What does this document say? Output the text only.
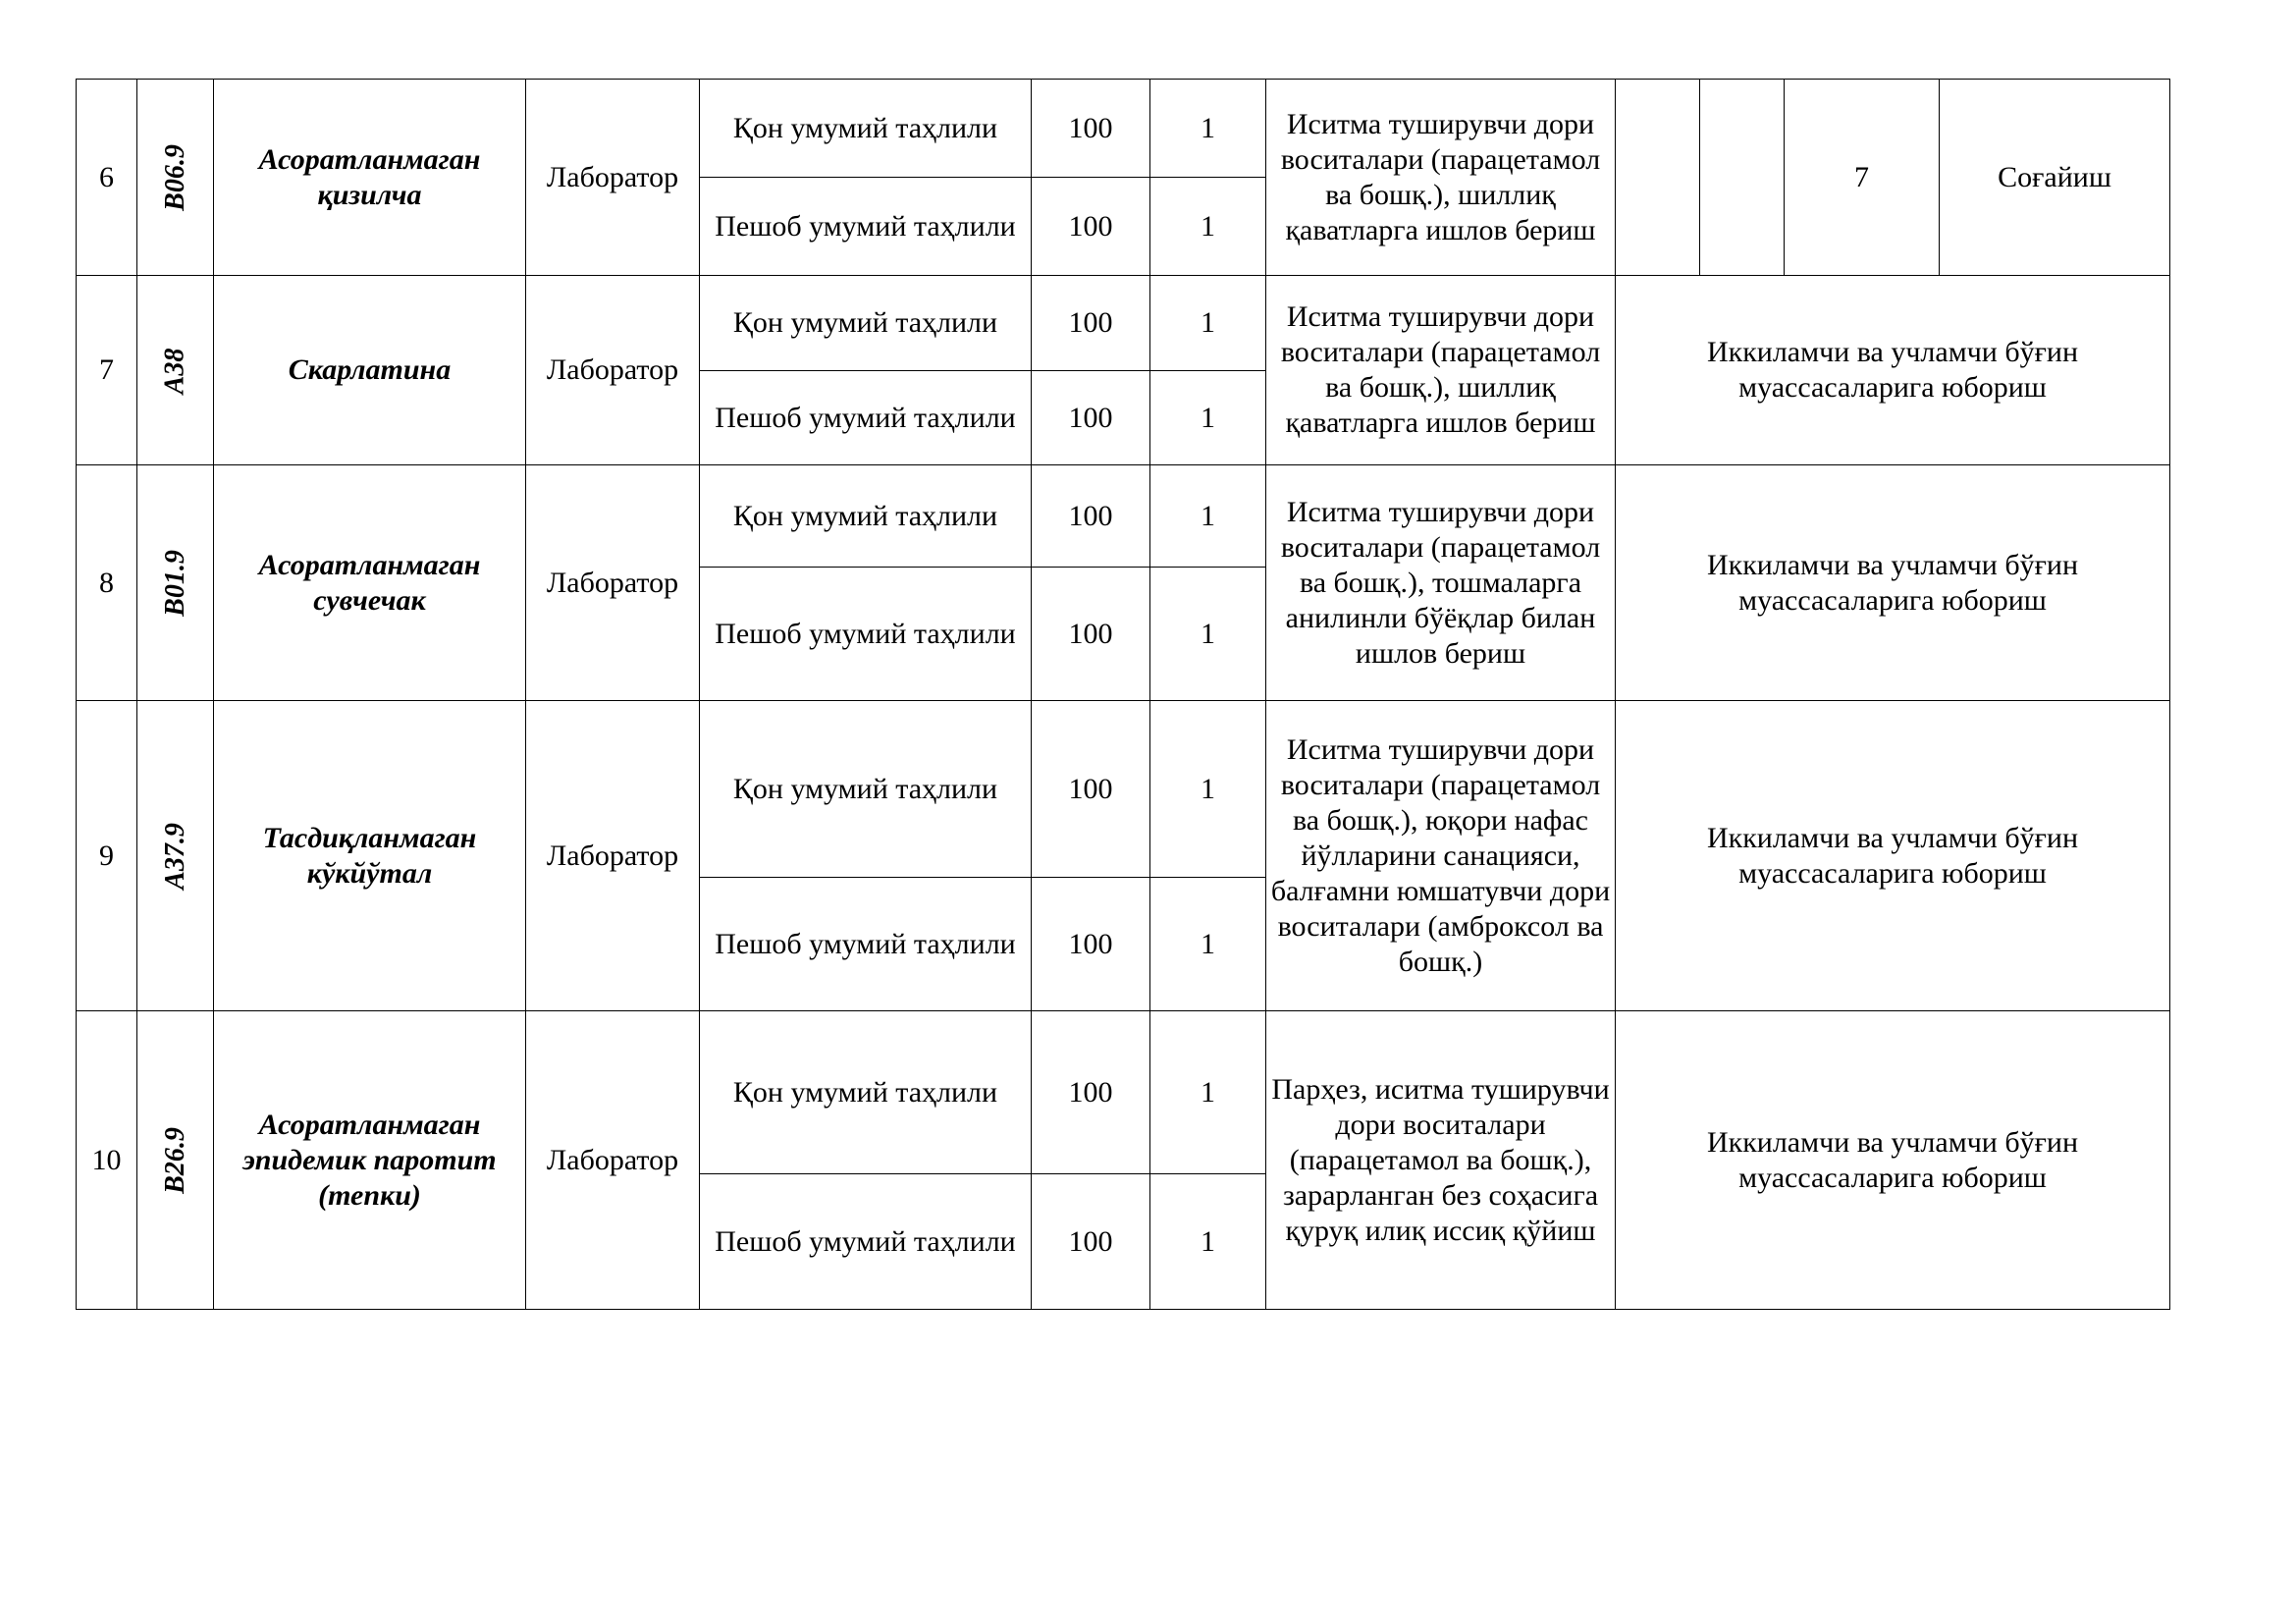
6	B06.9	Асоратланмаган қизилча	Лаборатор	Қон умумий таҳлили	100	1	Иситма туширувчи дори воситалари (парацетамол ва бошқ.), шиллиқ қаватларга ишлов бериш			7	Соғайиш
				Пешоб умумий таҳлили	100	1					
7	A38	Скарлатина	Лаборатор	Қон умумий таҳлили	100	1	Иситма туширувчи дори воситалари (парацетамол ва бошқ.), шиллиқ қаватларга ишлов бериш	Иккиламчи ва учламчи бўғин муассасаларига юбориш			
				Пешоб умумий таҳлили	100	1					
8	B01.9	Асоратланмаган сувчечак	Лаборатор	Қон умумий таҳлили	100	1	Иситма туширувчи дори воситалари (парацетамол ва бошқ.), тошмаларга анилинли бўёқлар билан ишлов бериш	Иккиламчи ва учламчи бўғин муассасаларига юбориш			
				Пешоб умумий таҳлили	100	1					
9	A37.9	Тасдиқланмаган кўкйўтал	Лаборатор	Қон умумий таҳлили	100	1	Иситма туширувчи дори воситалари (парацетамол ва бошқ.), юқори нафас йўлларини санацияси, балғамни юмшатувчи дори воситалари (амброксол ва бошқ.)	Иккиламчи ва учламчи бўғин муассасаларига юбориш			
				Пешоб умумий таҳлили	100	1					
10	B26.9	Асоратланмаган эпидемик паротит (тепки)	Лаборатор	Қон умумий таҳлили	100	1	Парҳез, иситма туширувчи дори воситалари (парацетамол ва бошқ.), зарарланган без соҳасига қуруқ илиқ иссиқ қўйиш	Иккиламчи ва учламчи бўғин муассасаларига юбориш			
				Пешоб умумий таҳлили	100	1					
